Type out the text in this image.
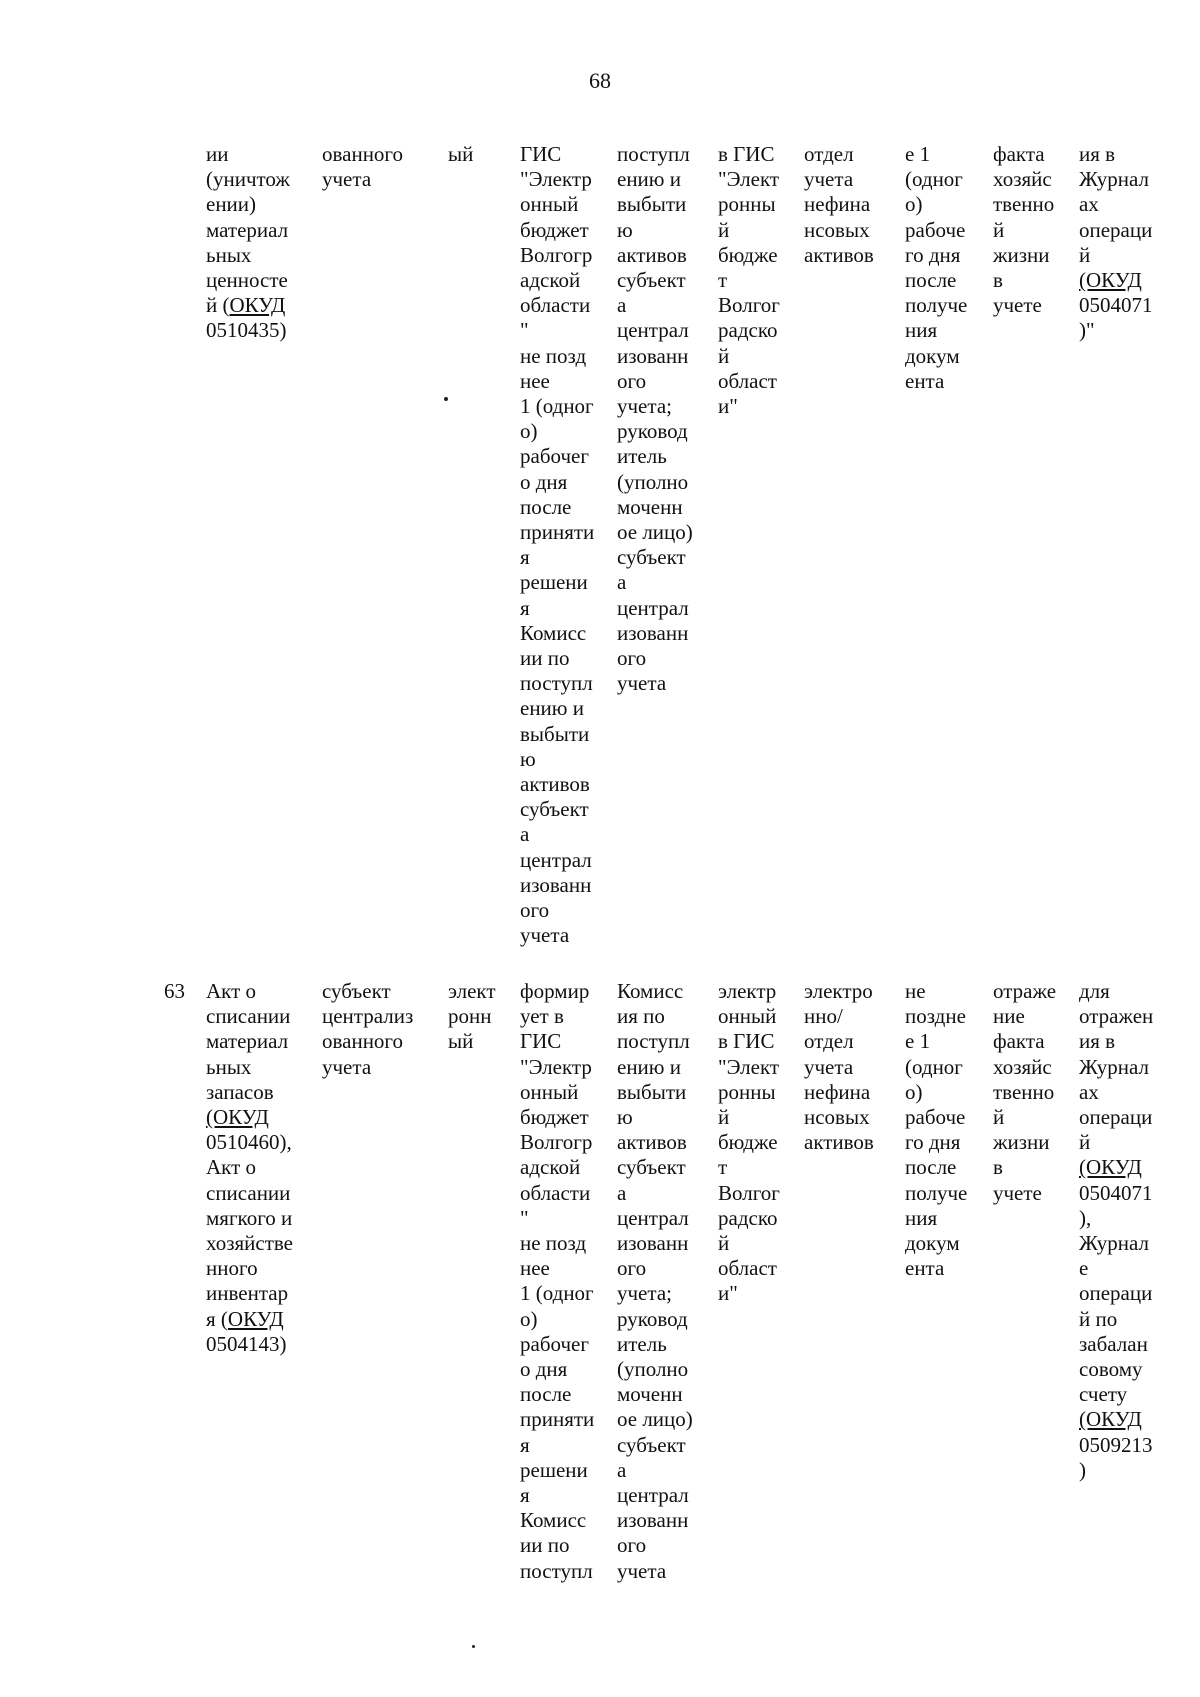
68
ии
(уничтож
ении)
материал
ьных
ценносте
й (ОКУД
0510435)
ованного
учета
ый ГИС
"Электр
онный
бюджет
Волгогр
адской
области
"
не позд
нее
1 (одног
о)
рабочег
о дня
после
приняти
я
решени
я
Комисс
ии по
поступл
ению и
выбыти
ю
активов
субъект
а
централ
изованн
ого
учета
поступл
ению и
выбыти
ю
активов
субъект
а
централ
изованн
ого
учета;
руковод
итель
(уполно
моченн
ое лицо)
субъект
а
централ
изованн
ого
учета
в ГИС
"Элект
ронны
й
бюдже
т
Волгог
радско
й
област
и"
отдел
учета
нефина
нсовых
активов
е 1
(одног
о)
рабоче
го дня
после
получе
ния
докум
ента
факта
хозяйс
твенно
й
жизни
в
учете
ия в
Журнал
ах
операци
й
(ОКУД
0504071
)"
63 Акт о
списании
материал
ьных
запасов
(ОКУД
0510460),
Акт о
списании
мягкого и
хозяйстве
нного
инвентар
я (ОКУД
0504143)
субъект
централиз
ованного
учета
элект
ронн
ый
формир
ует в
ГИС
"Электр
онный
бюджет
Волгогр
адской
области
"
не позд
нее
1 (одног
о)
рабочег
о дня
после
приняти
я
решени
я
Комисс
ии по
поступл
Комисс
ия по
поступл
ению и
выбыти
ю
активов
субъект
а
централ
изованн
ого
учета;
руковод
итель
(уполно
моченн
ое лицо)
субъект
а
централ
изованн
ого
учета
электр
онный
в ГИС
"Элект
ронны
й
бюдже
т
Волгог
радско
й
област
и"
электро
нно/
отдел
учета
нефина
нсовых
активов
не
поздне
е 1
(одног
о)
рабоче
го дня
после
получе
ния
докум
ента
отраже
ние
факта
хозяйс
твенно
й
жизни
в
учете
для
отражен
ия в
Журнал
ах
операци
й
(ОКУД
0504071
),
Журнал
е
операци
й по
забалан
совому
счету
(ОКУД
0509213
)
